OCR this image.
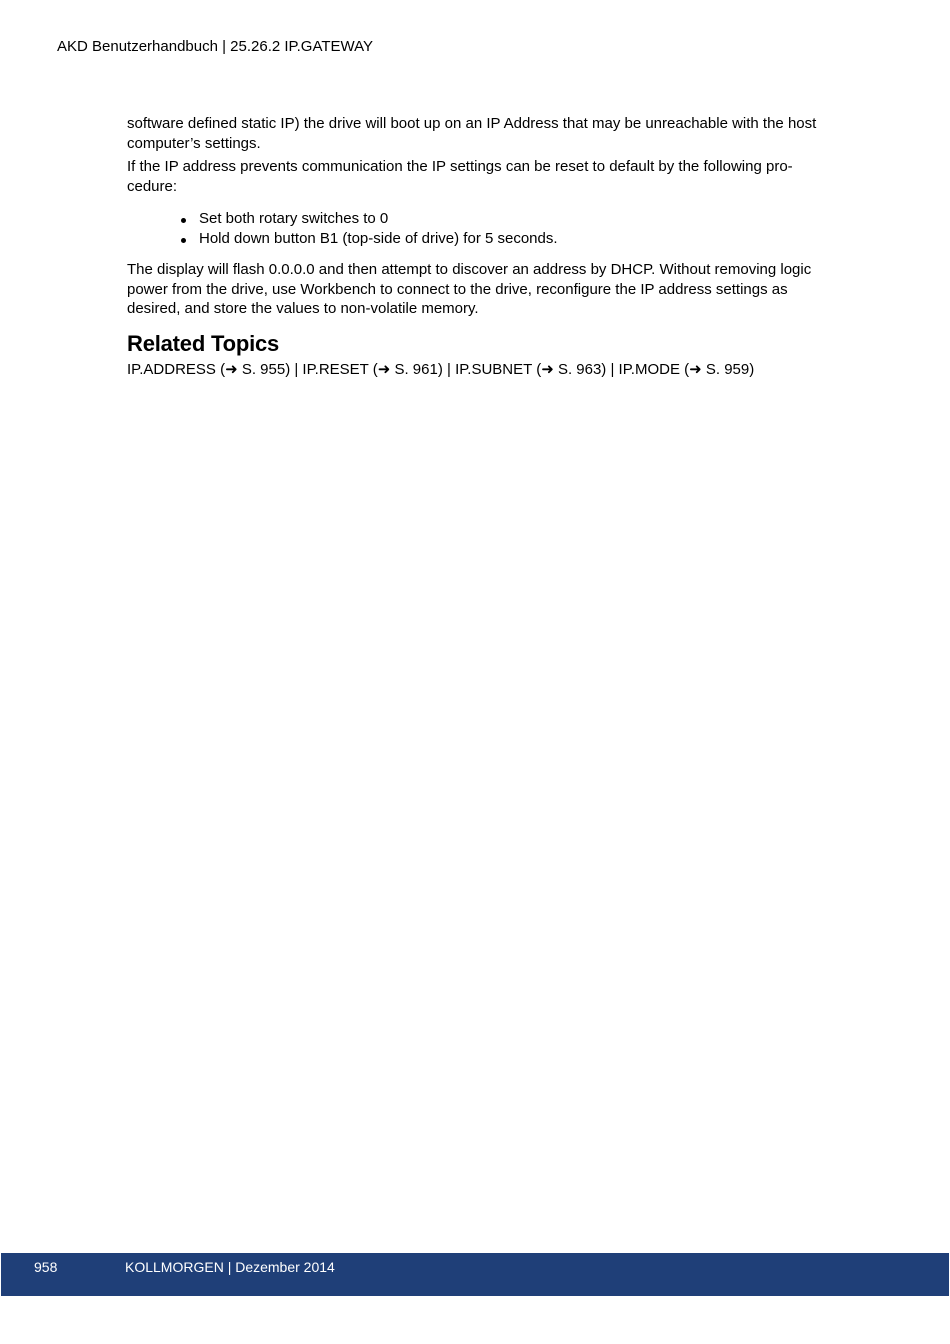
AKD Benutzerhandbuch | 25.26.2 IP.GATEWAY

software defined static IP) the drive will boot up on an IP Address that may be unreachable with the host computer’s settings.

If the IP address prevents communication the IP settings can be reset to default by the following pro-
cedure:

Set both rotary switches to 0
Hold down button B1 (top-side of drive) for 5 seconds.

The display will flash 0.0.0.0 and then attempt to discover an address by DHCP. Without removing logic power from the drive, use Workbench to connect to the drive, reconfigure the IP address settings as desired, and store the values to non-volatile memory.

Related Topics
IP.ADDRESS (➜ S. 955) | IP.RESET (➜ S. 961) | IP.SUBNET (➜ S. 963) | IP.MODE (➜ S. 959)
958	KOLLMORGEN | Dezember 2014
